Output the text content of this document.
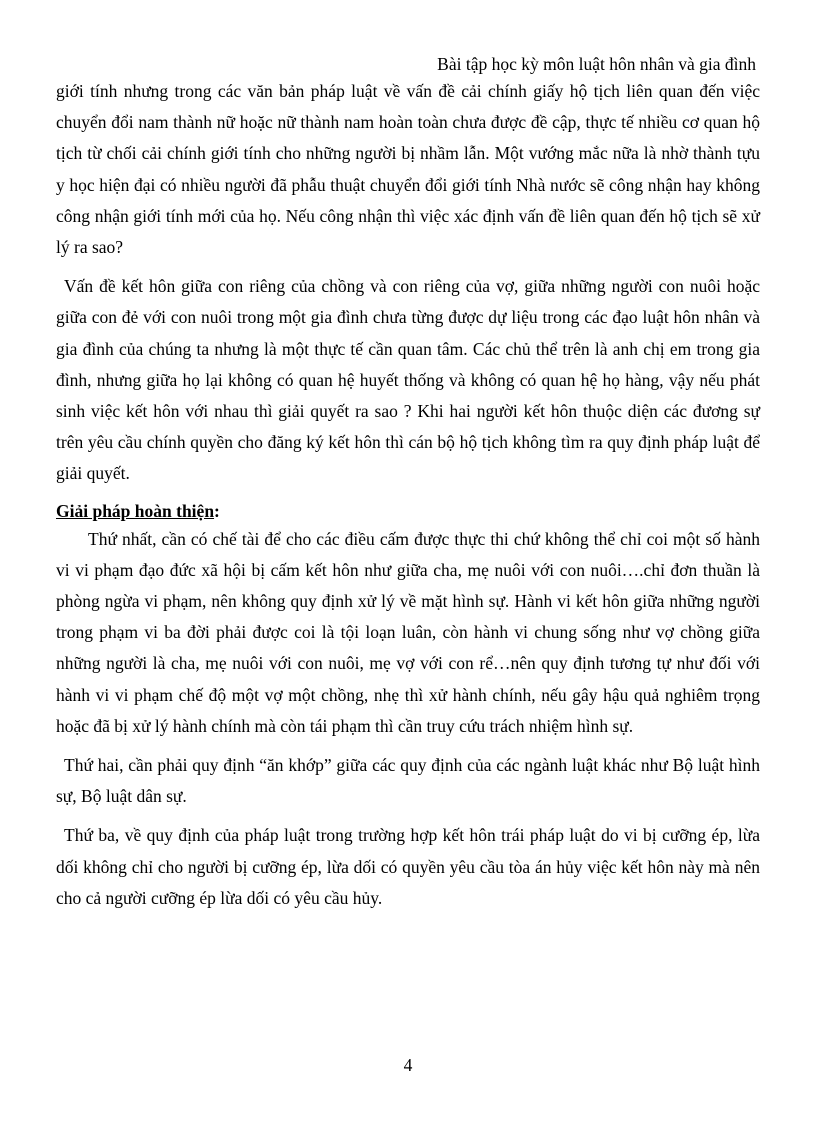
Bài tập học kỳ môn luật hôn nhân và gia đình

giới tính nhưng trong các văn bản pháp luật về vấn đề cải chính giấy hộ tịch liên quan đến việc chuyển đổi nam thành nữ hoặc nữ thành nam hoàn toàn chưa được đề cập, thực tế nhiều cơ quan hộ tịch từ chối cải chính giới tính cho những người bị nhầm lẫn. Một vướng mắc nữa là nhờ thành tựu y học hiện đại có nhiều người đã phẫu thuật chuyển đổi giới tính Nhà nước sẽ công nhận hay không công nhận giới tính mới của họ. Nếu công nhận thì việc xác định vấn đề liên quan đến hộ tịch sẽ xử lý ra sao?

Vấn đề kết hôn giữa con riêng của chồng và con riêng của vợ, giữa những người con nuôi hoặc giữa con đẻ với con nuôi trong một gia đình chưa từng được dự liệu trong các đạo luật hôn nhân và gia đình của chúng ta nhưng là một thực tế cần quan tâm. Các chủ thể trên là anh chị em trong gia đình, nhưng giữa họ lại không có quan hệ huyết thống và không có quan hệ họ hàng, vậy nếu phát sinh việc kết hôn với nhau thì giải quyết ra sao ? Khi hai người kết hôn thuộc diện các đương sự trên yêu cầu chính quyền cho đăng ký kết hôn thì cán bộ hộ tịch không tìm ra quy định pháp luật để giải quyết.

Giải pháp hoàn thiện:

Thứ nhất, cần có chế tài để cho các điều cấm được thực thi chứ không thể chỉ coi một số hành vi vi phạm đạo đức xã hội bị cấm kết hôn như giữa cha, mẹ nuôi với con nuôi….chỉ đơn thuần là phòng ngừa vi phạm, nên không quy định xử lý về mặt hình sự. Hành vi kết hôn giữa những người trong phạm vi ba đời phải được coi là tội loạn luân, còn hành vi chung sống như vợ chồng giữa những người là cha, mẹ nuôi với con nuôi, mẹ vợ với con rể…nên quy định tương tự như đối với hành vi vi phạm chế độ một vợ một chồng, nhẹ thì xử hành chính, nếu gây hậu quả nghiêm trọng hoặc đã bị xử lý hành chính mà còn tái phạm thì cần truy cứu trách nhiệm hình sự.

Thứ hai, cần phải quy định “ăn khớp” giữa các quy định của các ngành luật khác như Bộ luật hình sự, Bộ luật dân sự.

Thứ ba, về quy định của pháp luật trong trường hợp kết hôn trái pháp luật do vi bị cưỡng ép, lừa dối không chỉ cho người bị cưỡng ép, lừa dối có quyền yêu cầu tòa án hủy việc kết hôn này mà nên cho cả người cưỡng ép lừa dối có yêu cầu hủy.

4
